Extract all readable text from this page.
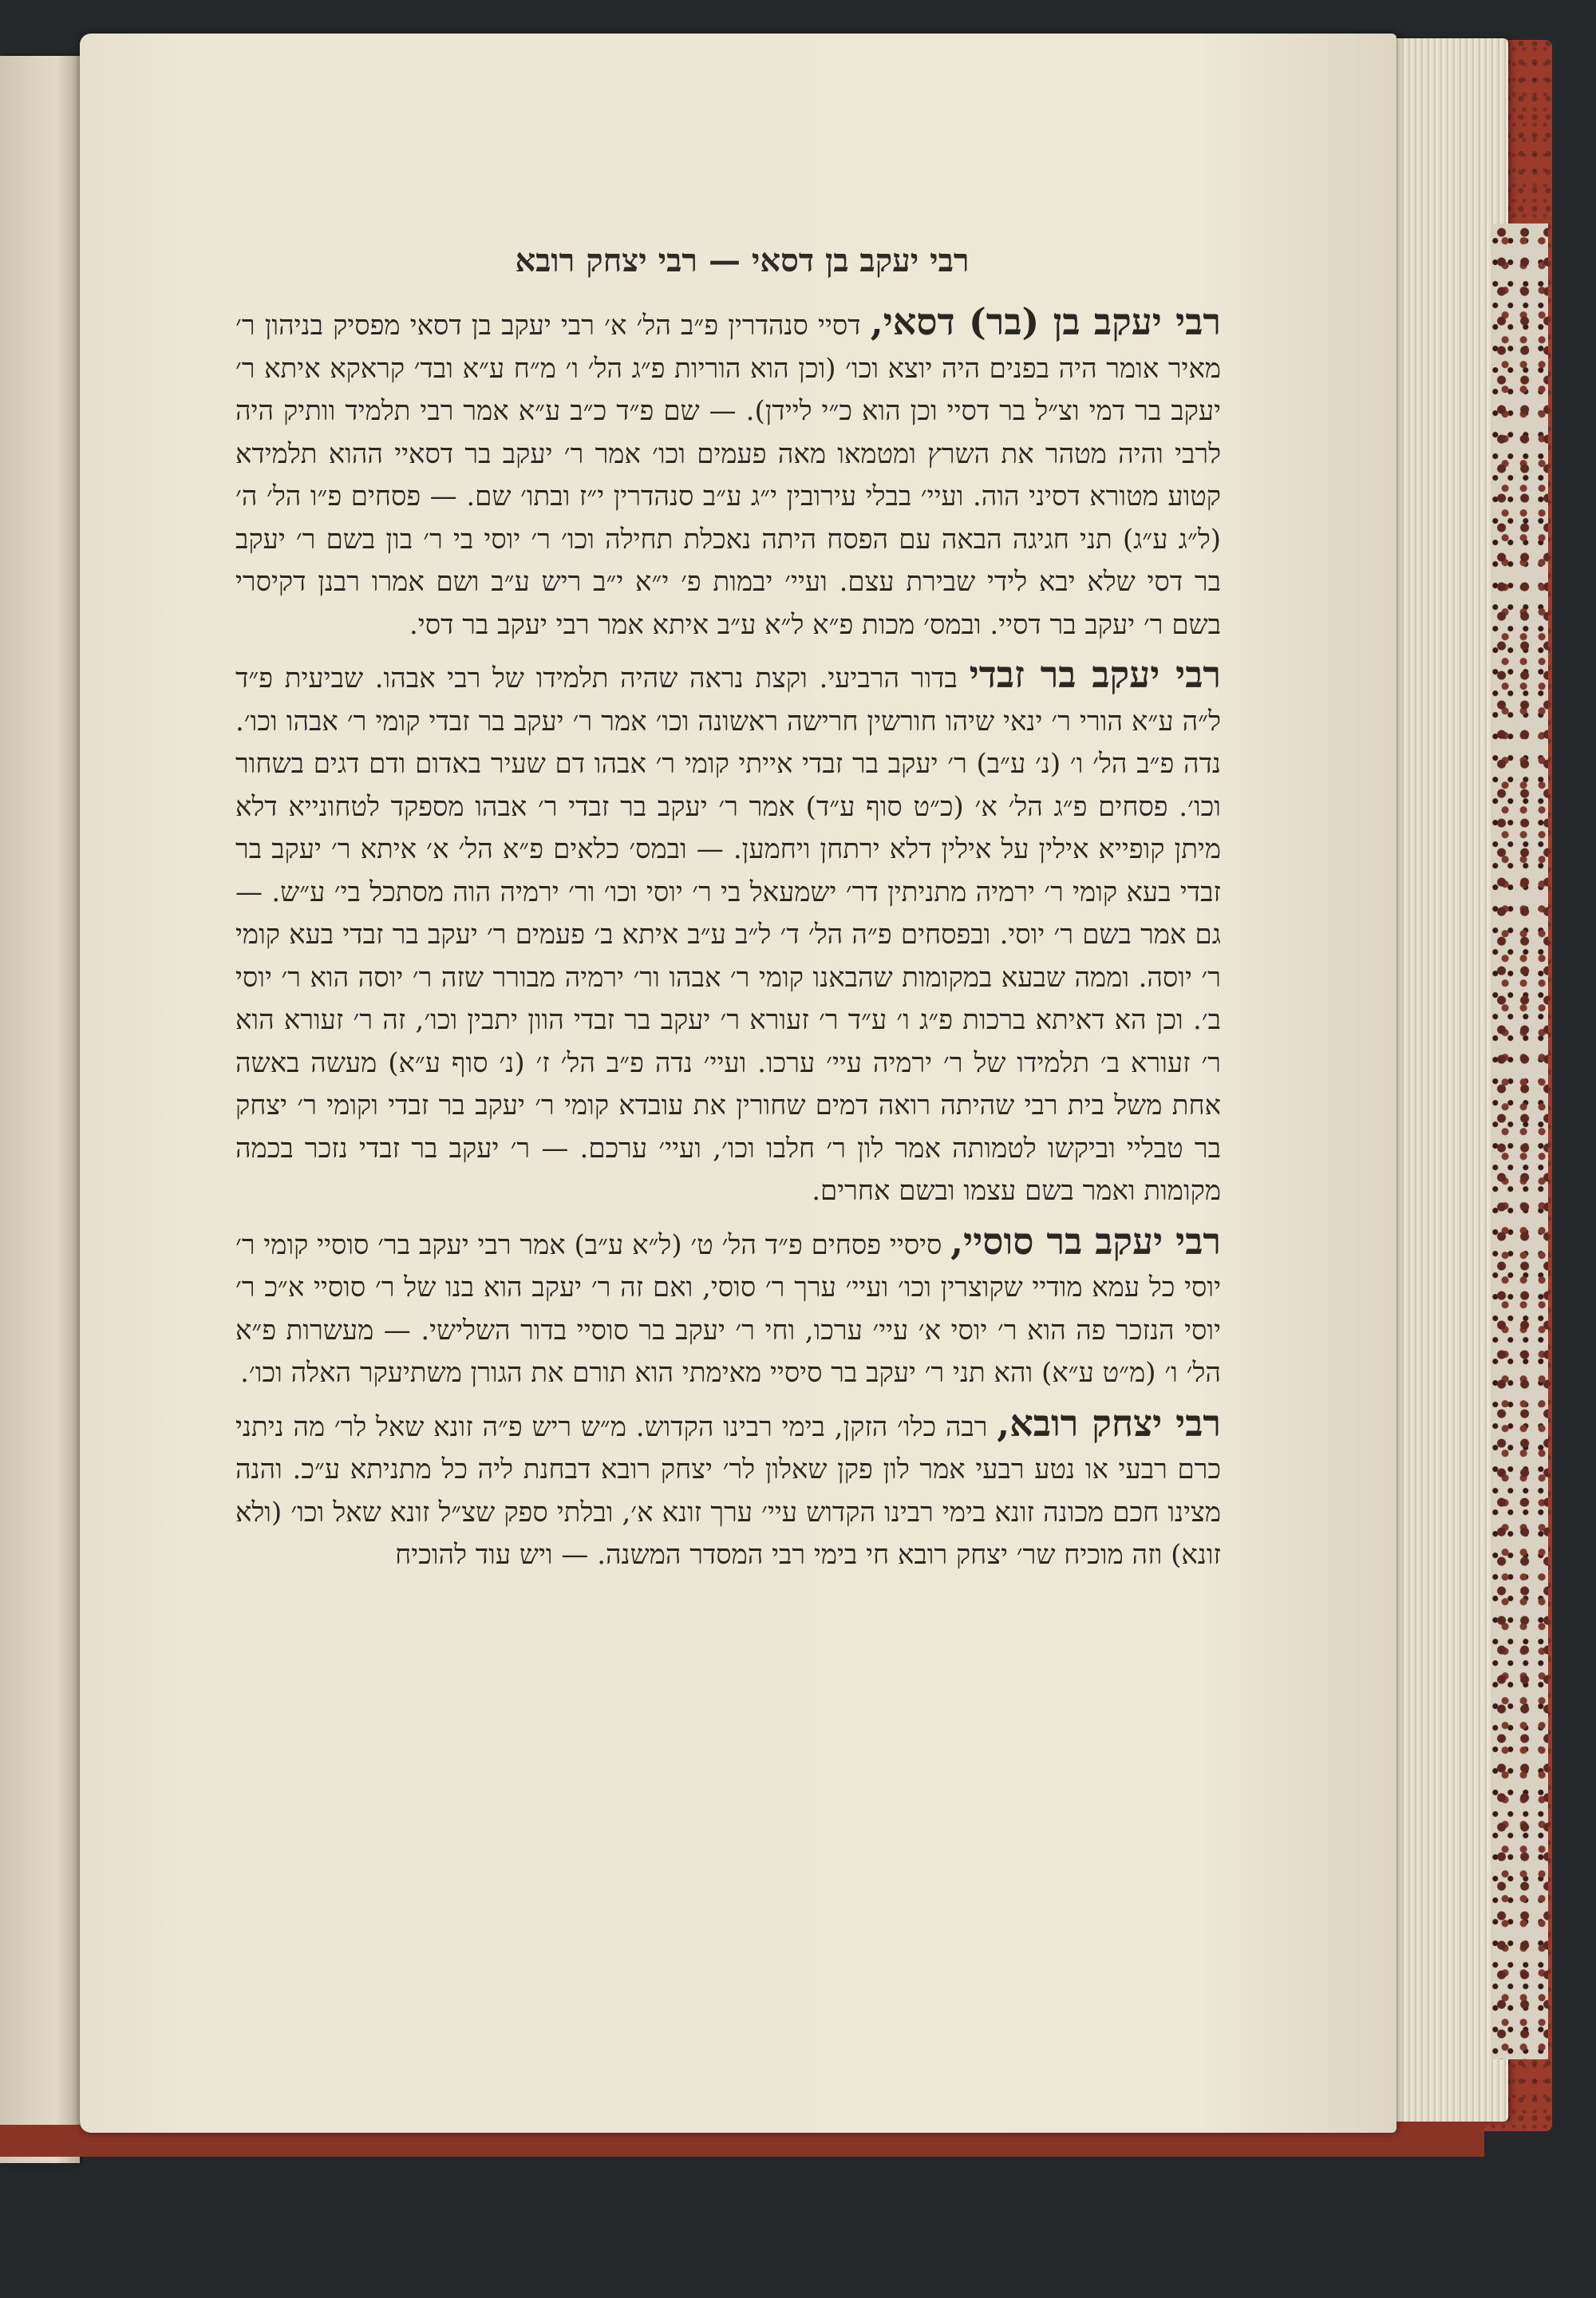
רבי יעקב בן דסאי — רבי יצחק רובא

רבי יעקב בן (בר) דסאי, דסיי סנהדרין פ״ב הל׳ א׳ רבי יעקב בן דסאי מפסיק בניהון ר׳ מאיר אומר היה בפנים היה יוצא וכו׳ (וכן הוא הוריות פ״ג הל׳ ו׳ מ״ח ע״א ובד׳ קראקא איתא ר׳ יעקב בר דמי וצ״ל בר דסיי וכן הוא כ״י ליידן). — שם פ״ד כ״ב ע״א אמר רבי תלמיד וותיק היה לרבי והיה מטהר את השרץ ומטמאו מאה פעמים וכו׳ אמר ר׳ יעקב בר דסאיי ההוא תלמידא קטוע מטורא דסיני הוה. ועיי׳ בבלי עירובין י״ג ע״ב סנהדרין י״ז ובתו׳ שם. — פסחים פ״ו הל׳ ה׳ (ל״ג ע״ג) תני חגיגה הבאה עם הפסח היתה נאכלת תחילה וכו׳ ר׳ יוסי בי ר׳ בון בשם ר׳ יעקב בר דסי שלא יבא לידי שבירת עצם. ועיי׳ יבמות פ׳ י״א י״ב ריש ע״ב ושם אמרו רבנן דקיסרי בשם ר׳ יעקב בר דסיי. ובמס׳ מכות פ״א ל״א ע״ב איתא אמר רבי יעקב בר דסי.

רבי יעקב בר זבדי בדור הרביעי. וקצת נראה שהיה תלמידו של רבי אבהו. שביעית פ״ד ל״ה ע״א הורי ר׳ ינאי שיהו חורשין חרישה ראשונה וכו׳ אמר ר׳ יעקב בר זבדי קומי ר׳ אבהו וכו׳. נדה פ״ב הל׳ ו׳ (נ׳ ע״ב) ר׳ יעקב בר זבדי אייתי קומי ר׳ אבהו דם שעיר באדום ודם דגים בשחור וכו׳. פסחים פ״ג הל׳ א׳ (כ״ט סוף ע״ד) אמר ר׳ יעקב בר זבדי ר׳ אבהו מספקד לטחונייא דלא מיתן קופייא אילין על אילין דלא ירתחן ויחמען. — ובמס׳ כלאים פ״א הל׳ א׳ איתא ר׳ יעקב בר זבדי בעא קומי ר׳ ירמיה מתניתין דר׳ ישמעאל בי ר׳ יוסי וכו׳ ור׳ ירמיה הוה מסתכל בי׳ ע״ש. — גם אמר בשם ר׳ יוסי. ובפסחים פ״ה הל׳ ד׳ ל״ב ע״ב איתא ב׳ פעמים ר׳ יעקב בר זבדי בעא קומי ר׳ יוסה. וממה שבעא במקומות שהבאנו קומי ר׳ אבהו ור׳ ירמיה מבורר שזה ר׳ יוסה הוא ר׳ יוסי ב׳. וכן הא דאיתא ברכות פ״ג ו׳ ע״ד ר׳ זעורא ר׳ יעקב בר זבדי הוון יתבין וכו׳, זה ר׳ זעורא הוא ר׳ זעורא ב׳ תלמידו של ר׳ ירמיה עיי׳ ערכו. ועיי׳ נדה פ״ב הל׳ ז׳ (נ׳ סוף ע״א) מעשה באשה אחת משל בית רבי שהיתה רואה דמים שחורין את עובדא קומי ר׳ יעקב בר זבדי וקומי ר׳ יצחק בר טבליי וביקשו לטמותה אמר לון ר׳ חלבו וכו׳, ועיי׳ ערכם. — ר׳ יעקב בר זבדי נזכר בכמה מקומות ואמר בשם עצמו ובשם אחרים.

רבי יעקב בר סוסיי, סיסיי פסחים פ״ד הל׳ ט׳ (ל״א ע״ב) אמר רבי יעקב בר׳ סוסיי קומי ר׳ יוסי כל עמא מודיי שקוצרין וכו׳ ועיי׳ ערך ר׳ סוסי, ואם זה ר׳ יעקב הוא בנו של ר׳ סוסיי א״כ ר׳ יוסי הנזכר פה הוא ר׳ יוסי א׳ עיי׳ ערכו, וחי ר׳ יעקב בר סוסיי בדור השלישי. — מעשרות פ״א הל׳ ו׳ (מ״ט ע״א) והא תני ר׳ יעקב בר סיסיי מאימתי הוא תורם את הגורן משתיעקר האלה וכו׳.

רבי יצחק רובא, רבה כלו׳ הזקן, בימי רבינו הקדוש. מ״ש ריש פ״ה זונא שאל לר׳ מה ניתני כרם רבעי או נטע רבעי אמר לון פקן שאלון לר׳ יצחק רובא דבחנת ליה כל מתניתא ע״כ. והנה מצינו חכם מכונה זונא בימי רבינו הקדוש עיי׳ ערך זונא א׳, ובלתי ספק שצ״ל זונא שאל וכו׳ (ולא זונא) וזה מוכיח שר׳ יצחק רובא חי בימי רבי המסדר המשנה. — ויש עוד להוכיח
